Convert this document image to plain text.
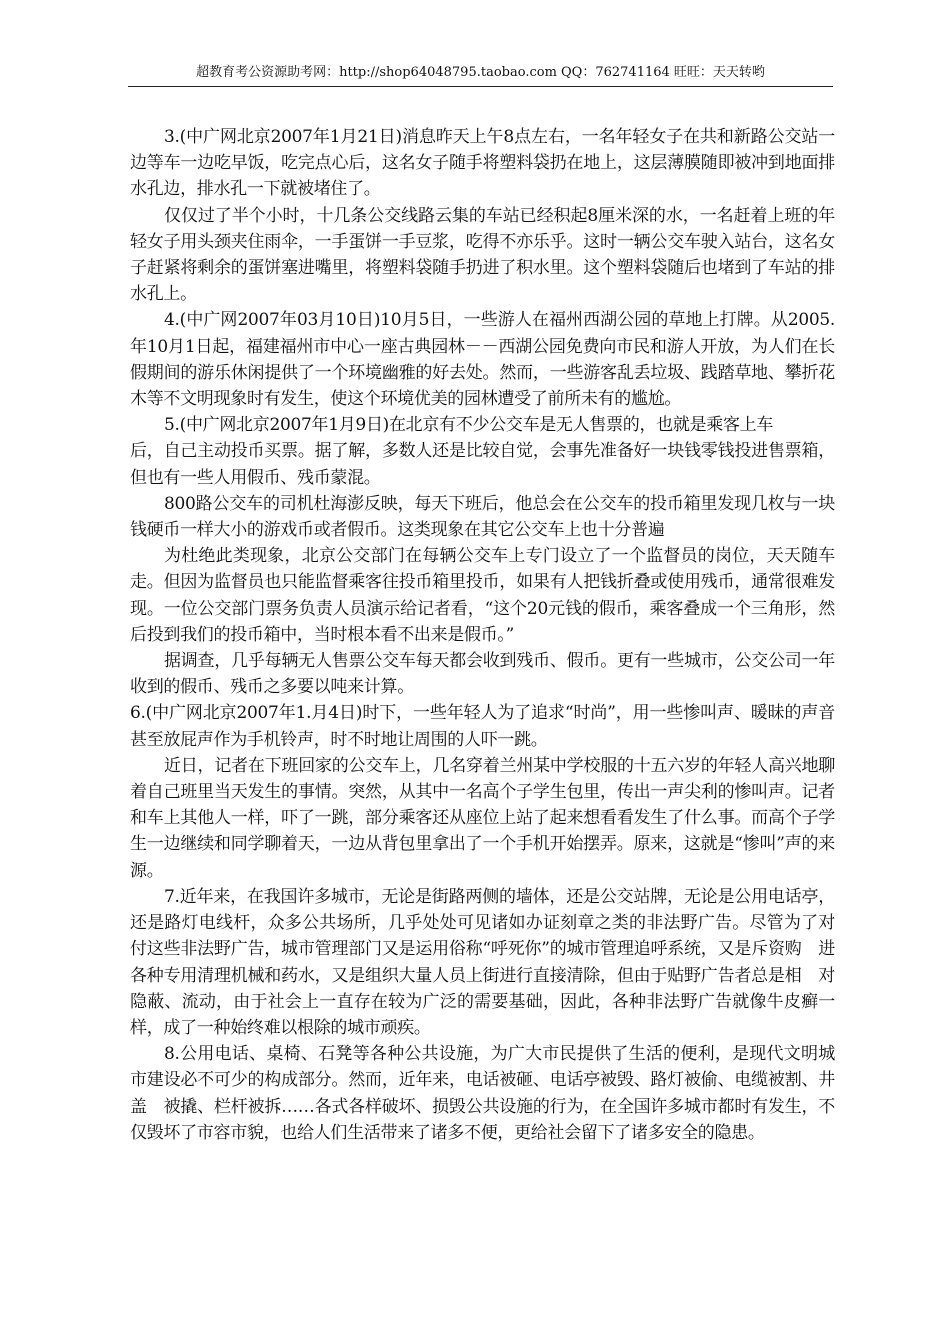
超教育考公资源助考网：http://shop64048795.taobao.com QQ：762741164 旺旺：天天转哟

3.(中广网北京2007年1月21日)消息昨天上午8点左右，一名年轻女子在共和新路公交站一边等车一边吃早饭，吃完点心后，这名女子随手将塑料袋扔在地上，这层薄膜随即被冲到地面排水孔边，排水孔一下就被堵住了。

仅仅过了半个小时，十几条公交线路云集的车站已经积起8厘米深的水，一名赶着上班的年轻女子用头颈夹住雨伞，一手蛋饼一手豆浆，吃得不亦乐乎。这时一辆公交车驶入站台，这名女子赶紧将剩余的蛋饼塞进嘴里，将塑料袋随手扔进了积水里。这个塑料袋随后也堵到了车站的排水孔上。

4.(中广网2007年03月10日)10月5日，一些游人在福州西湖公园的草地上打牌。从2005.年10月1日起，福建福州市中心一座古典园林－－西湖公园免费向市民和游人开放，为人们在长假期间的游乐休闲提供了一个环境幽雅的好去处。然而，一些游客乱丢垃圾、践踏草地、攀折花木等不文明现象时有发生，使这个环境优美的园林遭受了前所未有的尴尬。

5.(中广网北京2007年1月9日)在北京有不少公交车是无人售票的，也就是乘客上车

后，自己主动投币买票。据了解，多数人还是比较自觉，会事先准备好一块钱零钱投进售票箱，但也有一些人用假币、残币蒙混。

800路公交车的司机杜海澎反映，每天下班后，他总会在公交车的投币箱里发现几枚与一块钱硬币一样大小的游戏币或者假币。这类现象在其它公交车上也十分普遍

为杜绝此类现象，北京公交部门在每辆公交车上专门设立了一个监督员的岗位，天天随车走。但因为监督员也只能监督乘客往投币箱里投币，如果有人把钱折叠或使用残币，通常很难发现。一位公交部门票务负责人员演示给记者看，“这个20元钱的假币，乘客叠成一个三角形，然后投到我们的投币箱中，当时根本看不出来是假币。”

据调查，几乎每辆无人售票公交车每天都会收到残币、假币。更有一些城市，公交公司一年收到的假币、残币之多要以吨来计算。

6.(中广网北京2007年1.月4日)时下，一些年轻人为了追求“时尚”，用一些惨叫声、暖昧的声音甚至放屁声作为手机铃声，时不时地让周围的人吓一跳。

近日，记者在下班回家的公交车上，几名穿着兰州某中学校服的十五六岁的年轻人高兴地聊着自己班里当天发生的事情。突然，从其中一名高个子学生包里，传出一声尖利的惨叫声。记者和车上其他人一样，吓了一跳，部分乘客还从座位上站了起来想看看发生了什么事。而高个子学生一边继续和同学聊着天，一边从背包里拿出了一个手机开始摆弄。原来，这就是“惨叫”声的来源。

7.近年来，在我国许多城市，无论是街路两侧的墙体，还是公交站牌，无论是公用电话亭，还是路灯电线杆，众多公共场所，几乎处处可见诸如办证刻章之类的非法野广告。尽管为了对　付这些非法野广告，城市管理部门又是运用俗称“呼死你”的城市管理追呼系统，又是斥资购　进各种专用清理机械和药水，又是组织大量人员上街进行直接清除，但由于贴野广告者总是相　对隐蔽、流动，由于社会上一直存在较为广泛的需要基础，因此，各种非法野广告就像牛皮癣一样，成了一种始终难以根除的城市顽疾。

8.公用电话、桌椅、石凳等各种公共设施，为广大市民提供了生活的便利，是现代文明城　市建设必不可少的构成部分。然而，近年来，电话被砸、电话亭被毁、路灯被偷、电缆被割、井盖　被撬、栏杆被拆……各式各样破坏、损毁公共设施的行为，在全国许多城市都时有发生，不仅毁坏了市容市貌，也给人们生活带来了诸多不便，更给社会留下了诸多安全的隐患。
